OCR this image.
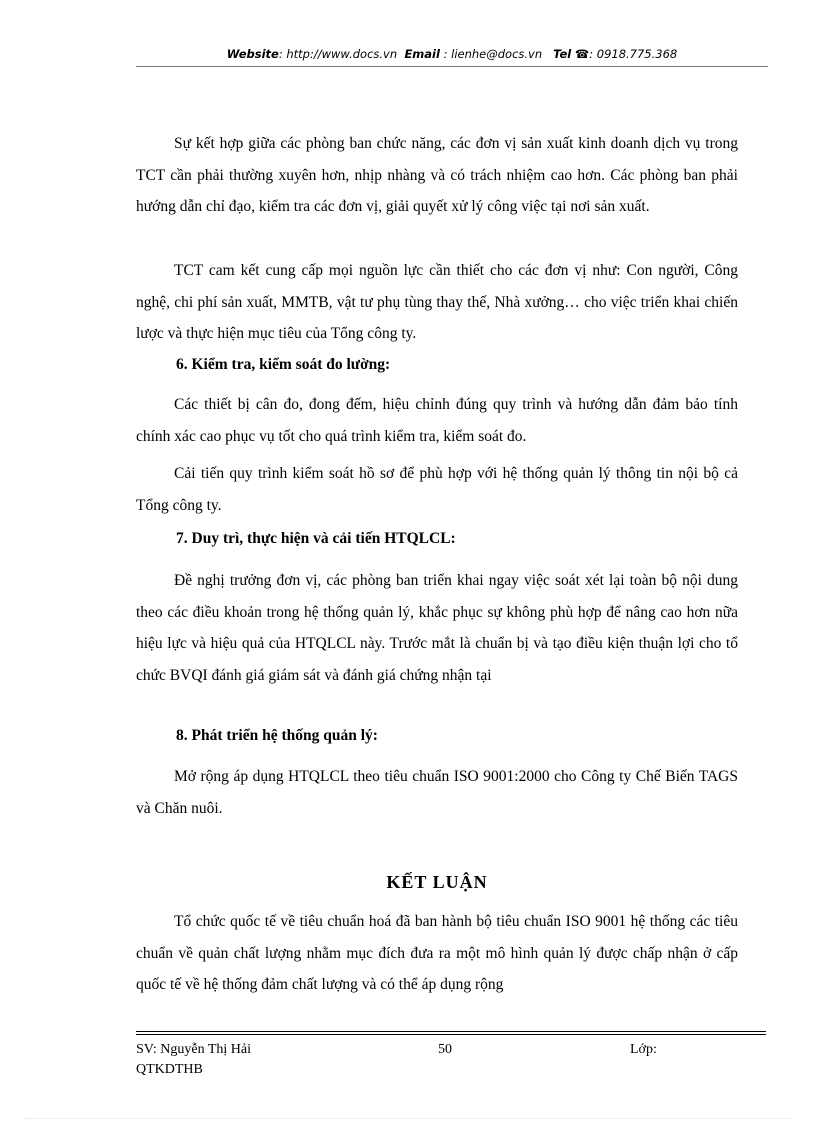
Website: http://www.docs.vn Email : lienhe@docs.vn Tel ☎: 0918.775.368
Sự kết hợp giữa các phòng ban chức năng, các đơn vị sản xuất kinh doanh dịch vụ trong TCT cần phải thường xuyên hơn, nhịp nhàng và có trách nhiệm cao hơn. Các phòng ban phải hướng dẫn chỉ đạo, kiểm tra các đơn vị, giải quyết xử lý công việc tại nơi sản xuất.
TCT cam kết cung cấp mọi nguồn lực cần thiết cho các đơn vị như: Con người, Công nghệ, chi phí sản xuất, MMTB, vật tư phụ tùng thay thế, Nhà xưởng… cho việc triển khai chiến lược và thực hiện mục tiêu của Tổng công ty.
6. Kiểm tra, kiểm soát đo lường:
Các thiết bị cân đo, đong đếm, hiệu chỉnh đúng quy trình và hướng dẫn đảm bảo tính chính xác cao phục vụ tốt cho quá trình kiểm tra, kiểm soát đo.
Cải tiến quy trình kiểm soát hồ sơ để phù hợp với hệ thống quản lý thông tin nội bộ cả Tổng công ty.
7. Duy trì, thực hiện và cải tiến HTQLCL:
Đề nghị trưởng đơn vị, các phòng ban triển khai ngay việc soát xét lại toàn bộ nội dung theo các điều khoản trong hệ thống quản lý, khắc phục sự không phù hợp để nâng cao hơn nữa hiệu lực và hiệu quả của HTQLCL này. Trước mắt là chuẩn bị và tạo điều kiện thuận lợi cho tổ chức BVQI đánh giá giám sát và đánh giá chứng nhận tại
8. Phát triển hệ thống quản lý:
Mở rộng áp dụng HTQLCL theo tiêu chuẩn ISO 9001:2000 cho Công ty Chế Biến TAGS và Chăn nuôi.
KẾT LUẬN
Tổ chức quốc tế về tiêu chuẩn hoá đã ban hành bộ tiêu chuẩn ISO 9001 hệ thống các tiêu chuẩn về quản chất lượng nhằm mục đích đưa ra một mô hình quản lý được chấp nhận ở cấp quốc tế về hệ thống đảm chất lượng và có thể áp dụng rộng
SV: Nguyễn Thị Hải
QTKDTHB
50	Lớp:
